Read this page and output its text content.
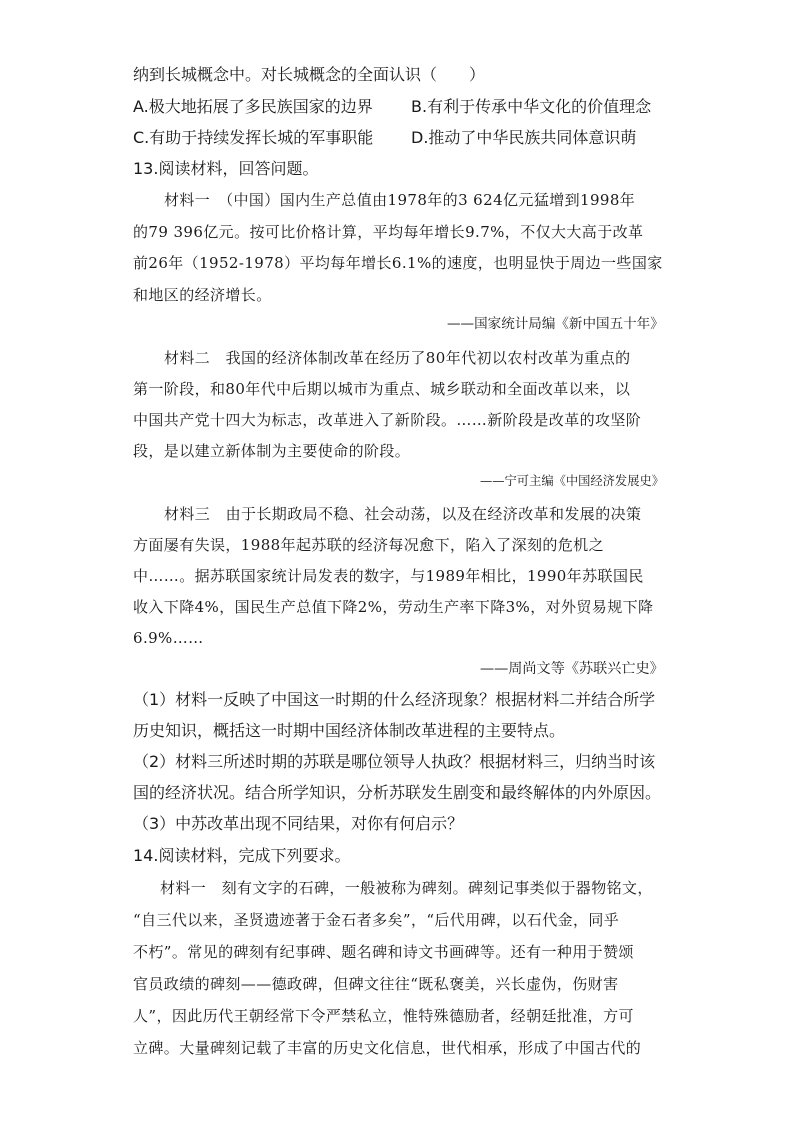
纳到长城概念中。对长城概念的全面认识（　　）
A.极大地拓展了多民族国家的边界 B.有利于传承中华文化的价值理念
C.有助于持续发挥长城的军事职能 D.推动了中华民族共同体意识萌
13.阅读材料，回答问题。
材料一　（中国）国内生产总值由1978年的3 624亿元猛增到1998年
的79 396亿元。按可比价格计算，平均每年增长9.7%，不仅大大高于改革
前26年（1952-1978）平均每年增长6.1%的速度，也明显快于周边一些国家
和地区的经济增长。
——国家统计局编《新中国五十年》
材料二　我国的经济体制改革在经历了80年代初以农村改革为重点的
第一阶段，和80年代中后期以城市为重点、城乡联动和全面改革以来，以
中国共产党十四大为标志，改革进入了新阶段。……新阶段是改革的攻坚阶
段，是以建立新体制为主要使命的阶段。
——宁可主编《中国经济发展史》
材料三　由于长期政局不稳、社会动荡，以及在经济改革和发展的决策
方面屡有失误，1988年起苏联的经济每况愈下，陷入了深刻的危机之
中……。据苏联国家统计局发表的数字，与1989年相比，1990年苏联国民
收入下降4%，国民生产总值下降2%，劳动生产率下降3%，对外贸易规下降
6.9%……
——周尚文等《苏联兴亡史》
（1）材料一反映了中国这一时期的什么经济现象？根据材料二并结合所学
历史知识，概括这一时期中国经济体制改革进程的主要特点。
（2）材料三所述时期的苏联是哪位领导人执政？根据材料三，归纳当时该
国的经济状况。结合所学知识，分析苏联发生剧变和最终解体的内外原因。
（3）中苏改革出现不同结果，对你有何启示？
14.阅读材料，完成下列要求。
材料一　刻有文字的石碑，一般被称为碑刻。碑刻记事类似于器物铭文，
“自三代以来，圣贤遗迹著于金石者多矣”，“后代用碑，以石代金，同乎
不朽”。常见的碑刻有纪事碑、题名碑和诗文书画碑等。还有一种用于赞颂
官员政绩的碑刻——德政碑，但碑文往往“既私褒美，兴长虚伪，伤财害
人”，因此历代王朝经常下令严禁私立，惟特殊德励者，经朝廷批准，方可
立碑。大量碑刻记载了丰富的历史文化信息，世代相承，形成了中国古代的
